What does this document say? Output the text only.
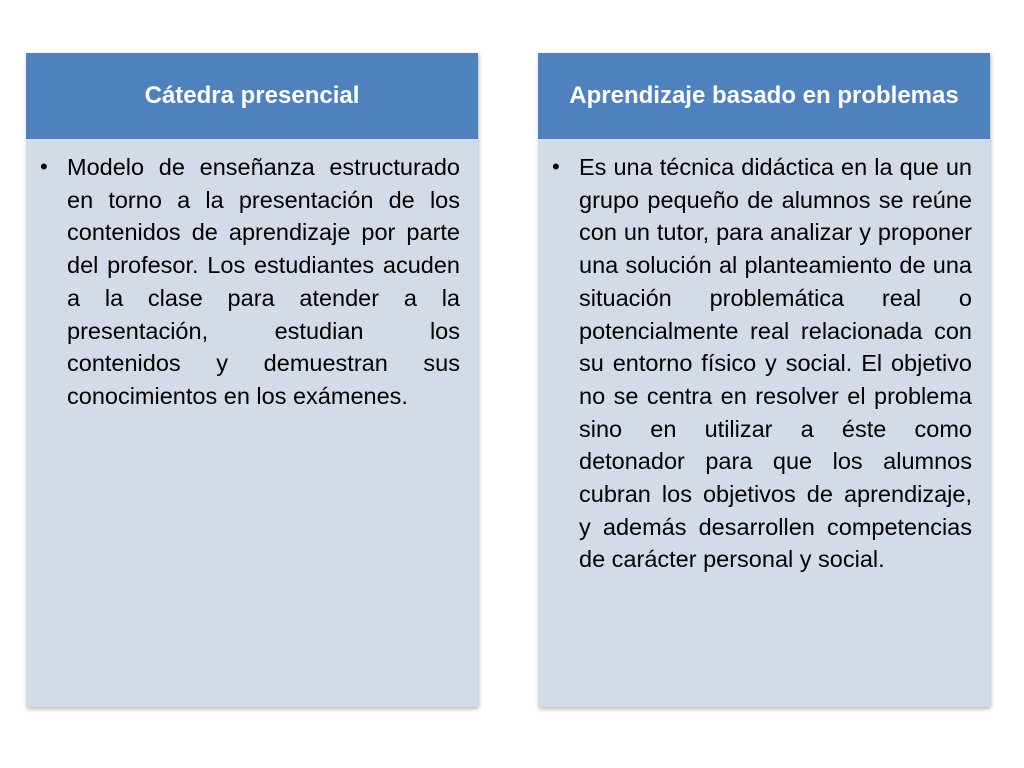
Cátedra presencial
• Modelo de enseñanza estructurado en torno a la presentación de los contenidos de aprendizaje por parte del profesor. Los estudiantes acuden a la clase para atender a la presentación, estudian los contenidos y demuestran sus conocimientos en los exámenes.
Aprendizaje basado en problemas
• Es una técnica didáctica en la que un grupo pequeño de alumnos se reúne con un tutor, para analizar y proponer una solución al planteamiento de una situación problemática real o potencialmente real relacionada con su entorno físico y social. El objetivo no se centra en resolver el problema sino en utilizar a éste como detonador para que los alumnos cubran los objetivos de aprendizaje, y además desarrollen competencias de carácter personal y social.
